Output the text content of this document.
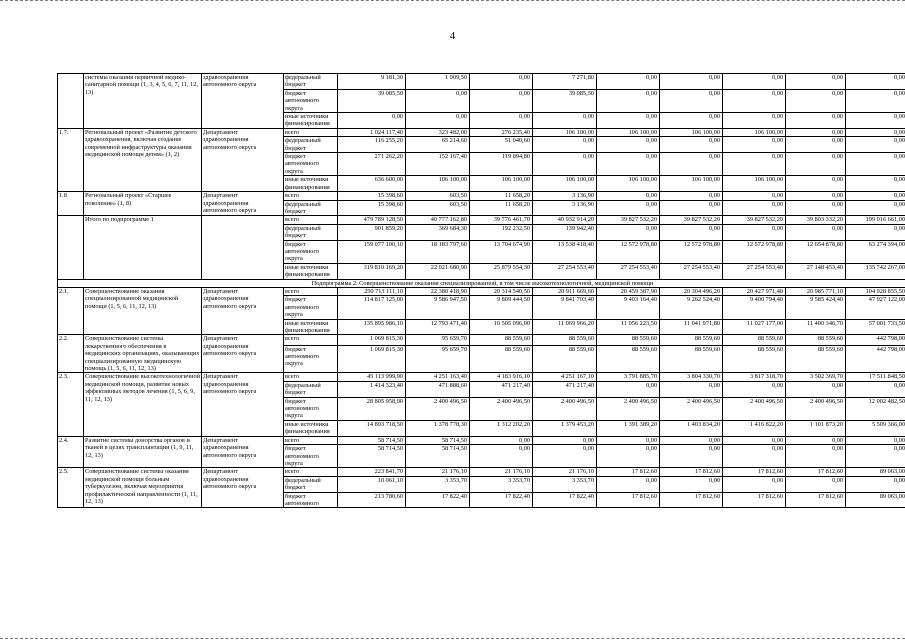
4
	системы оказания первичной медико-санитарной помощи (1, 3, 4, 5, 6, 7, 11, 12, 13)	здравоохранения автономного округа	федеральный бюджет	9 181,30	1 909,50	0,00	7 271,80	0,00	0,00	0,00	0,00	0,00
			бюджет автономного округа	39 085,50	0,00	0,00	39 085,50	0,00	0,00	0,00	0,00	0,00
			иные источники финансирования	0,00	0,00	0,00	0,00	0,00	0,00	0,00	0,00	0,00
1.7.	Региональный проект «Развитие детского здравоохранения, включая создание современной инфраструктуры оказания медицинской помощи детям» (1, 2)	Департамент здравоохранения автономного округа	всего	1 024 117,40	323 482,00	276 235,40	106 100,00	106 100,00	106 100,00	106 100,00	0,00	0,00
			федеральный бюджет	116 255,20	65 214,60	51 040,60	0,00	0,00	0,00	0,00	0,00	0,00
			бюджет автономного округа	271 262,20	152 167,40	119 094,80	0,00	0,00	0,00	0,00	0,00	0,00
			иные источники финансирования	636 600,00	106 100,00	106 100,00	106 100,00	106 100,00	106 100,00	106 100,00	0,00	0,00
1.8	Региональный проект «Старшее поколение» (1, 8)	Департамент здравоохранения автономного округа	всего	15 398,60	603,50	11 658,20	3 136,90	0,00	0,00	0,00	0,00	0,00
			федеральный бюджет	15 398,60	603,50	11 658,20	3 136,90	0,00	0,00	0,00	0,00	0,00
	Итого по подпрограмме 1		всего	479 789 128,50	40 777 162,80	39 776 461,70	40 932 914,20	39 827 532,20	39 827 532,20	39 827 532,20	39 803 332,20	199 016 661,00
			федеральный бюджет	901 859,20	369 684,30	192 232,50	139 942,40	0,00	0,00	0,00	0,00	0,00
			бюджет автономного округа	159 077 100,10	18 183 797,60	13 704 674,90	13 538 418,40	12 572 978,80	12 572 978,80	12 572 978,80	12 654 878,80	63 274 394,00
			иные источники финансирования	319 810 169,20	22 021 680,90	25 879 554,30	27 254 553,40	27 254 553,40	27 254 553,40	27 254 553,40	27 148 453,40	135 742 267,00
Подпрограмма 2. Совершенствование оказания специализированной, в том числе высокотехнологичной, медицинской помощи												
2.1.	Совершенствование оказания специализированной медицинской помощи (1, 5, 6, 11, 12, 13)	Департамент здравоохранения автономного округа	всего	250 713 111,10	22 380 418,90	20 314 540,50	20 911 669,60	20 459 387,90	20 304 496,20	20 427 971,40	20 985 771,10	104 928 855,50
			бюджет автономного округа	114 817 125,00	9 586 947,50	9 809 444,50	9 841 703,40	9 403 164,40	9 262 524,40	9 400 794,40	9 585 424,40	47 927 122,00
			иные источники финансирования	135 895 986,10	12 793 471,40	10 505 096,00	11 069 966,20	11 056 223,50	11 041 971,80	11 027 177,00	11 400 346,70	57 001 733,50
2.2.	Совершенствование системы лекарственного обеспечения в медицинских организациях, оказывающих специализированную медицинскую помощь (1, 5, 6, 11, 12, 13)	Департамент здравоохранения автономного округа	всего	1 069 815,30	95 659,70	88 559,60	88 559,60	88 559,60	88 559,60	88 559,60	88 559,60	442 798,00
			бюджет автономного округа	1 069 815,30	95 659,70	88 559,60	88 559,60	88 559,60	88 559,60	88 559,60	88 559,60	442 798,00
2.3.	Совершенствование высокотехнологичной медицинской помощи, развитие новых эффективных методов лечения (1, 5, 6, 9, 11, 12, 13)	Департамент здравоохранения автономного округа	всего	45 113 999,90	4 251 163,40	4 183 916,10	4 251 167,10	3 791 885,70	3 804 330,70	3 817 318,70	3 502 369,70	17 511 848,50
			федеральный бюджет	1 414 323,40	471 888,60	471 217,40	471 217,40	0,00	0,00	0,00	0,00	0,00
			бюджет автономного округа	28 805 958,00	2 400 496,50	2 400 496,50	2 400 496,50	2 400 496,50	2 400 496,50	2 400 496,50	2 400 496,50	12 002 482,50
			иные источники финансирования	14 893 718,50	1 378 778,30	1 312 202,20	1 379 453,20	1 391 389,20	1 403 834,20	1 416 822,20	1 101 873,20	5 509 366,00
2.4.	Развитие системы донорства органов и тканей в целях трансплантации (1, 9, 11, 12, 13)	Департамент здравоохранения автономного округа	всего	58 714,50	58 714,50	0,00	0,00	0,00	0,00	0,00	0,00	0,00
			бюджет автономного округа	58 714,50	58 714,50	0,00	0,00	0,00	0,00	0,00	0,00	0,00
2.5.	Совершенствование системы оказания медицинской помощи больным туберкулезом, включая мероприятия профилактической направленности (1, 11, 12, 13)	Департамент здравоохранения автономного округа	всего	223 841,70	21 176,10	21 176,10	21 176,10	17 812,60	17 812,60	17 812,60	17 812,60	89 063,00
			федеральный бюджет	10 061,10	3 353,70	3 353,70	3 353,70	0,00	0,00	0,00	0,00	0,00
			бюджет автономного	213 780,60	17 822,40	17 822,40	17 822,40	17 812,60	17 812,60	17 812,60	17 812,60	89 063,00
